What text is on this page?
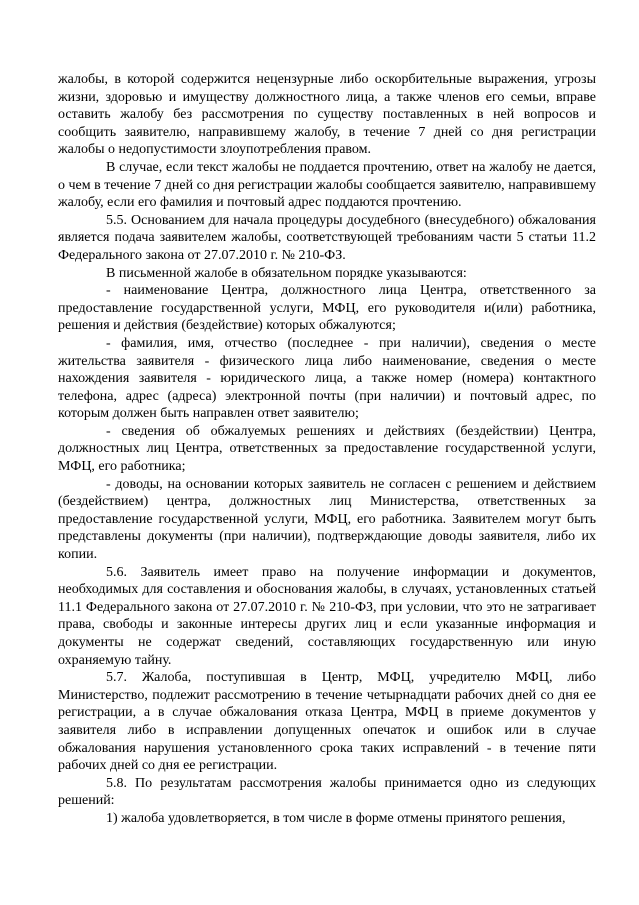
жалобы, в которой содержится нецензурные либо оскорбительные выражения, угрозы жизни, здоровью и имуществу должностного лица, а также членов его семьи, вправе оставить жалобу без рассмотрения по существу поставленных в ней вопросов и сообщить заявителю, направившему жалобу, в течение 7 дней со дня регистрации жалобы о недопустимости злоупотребления правом.

В случае, если текст жалобы не поддается прочтению, ответ на жалобу не дается, о чем в течение 7 дней со дня регистрации жалобы сообщается заявителю, направившему жалобу, если его фамилия и почтовый адрес поддаются прочтению.

5.5. Основанием для начала процедуры досудебного (внесудебного) обжалования является подача заявителем жалобы, соответствующей требованиям части 5 статьи 11.2 Федерального закона от 27.07.2010 г. № 210-ФЗ.

В письменной жалобе в обязательном порядке указываются:

- наименование Центра, должностного лица Центра, ответственного за предоставление государственной услуги, МФЦ, его руководителя и(или) работника, решения и действия (бездействие) которых обжалуются;

- фамилия, имя, отчество (последнее - при наличии), сведения о месте жительства заявителя - физического лица либо наименование, сведения о месте нахождения заявителя - юридического лица, а также номер (номера) контактного телефона, адрес (адреса) электронной почты (при наличии) и почтовый адрес, по которым должен быть направлен ответ заявителю;

- сведения об обжалуемых решениях и действиях (бездействии) Центра, должностных лиц Центра, ответственных за предоставление государственной услуги, МФЦ, его работника;

- доводы, на основании которых заявитель не согласен с решением и действием (бездействием) центра, должностных лиц Министерства, ответственных за предоставление государственной услуги, МФЦ, его работника. Заявителем могут быть представлены документы (при наличии), подтверждающие доводы заявителя, либо их копии.

5.6. Заявитель имеет право на получение информации и документов, необходимых для составления и обоснования жалобы, в случаях, установленных статьей 11.1 Федерального закона от 27.07.2010 г. № 210-ФЗ, при условии, что это не затрагивает права, свободы и законные интересы других лиц и если указанные информация и документы не содержат сведений, составляющих государственную или иную охраняемую тайну.

5.7. Жалоба, поступившая в Центр, МФЦ, учредителю МФЦ, либо Министерство, подлежит рассмотрению в течение четырнадцати рабочих дней со дня ее регистрации, а в случае обжалования отказа Центра, МФЦ в приеме документов у заявителя либо в исправлении допущенных опечаток и ошибок или в случае обжалования нарушения установленного срока таких исправлений - в течение пяти рабочих дней со дня ее регистрации.

5.8. По результатам рассмотрения жалобы принимается одно из следующих решений:

1) жалоба удовлетворяется, в том числе в форме отмены принятого решения,
